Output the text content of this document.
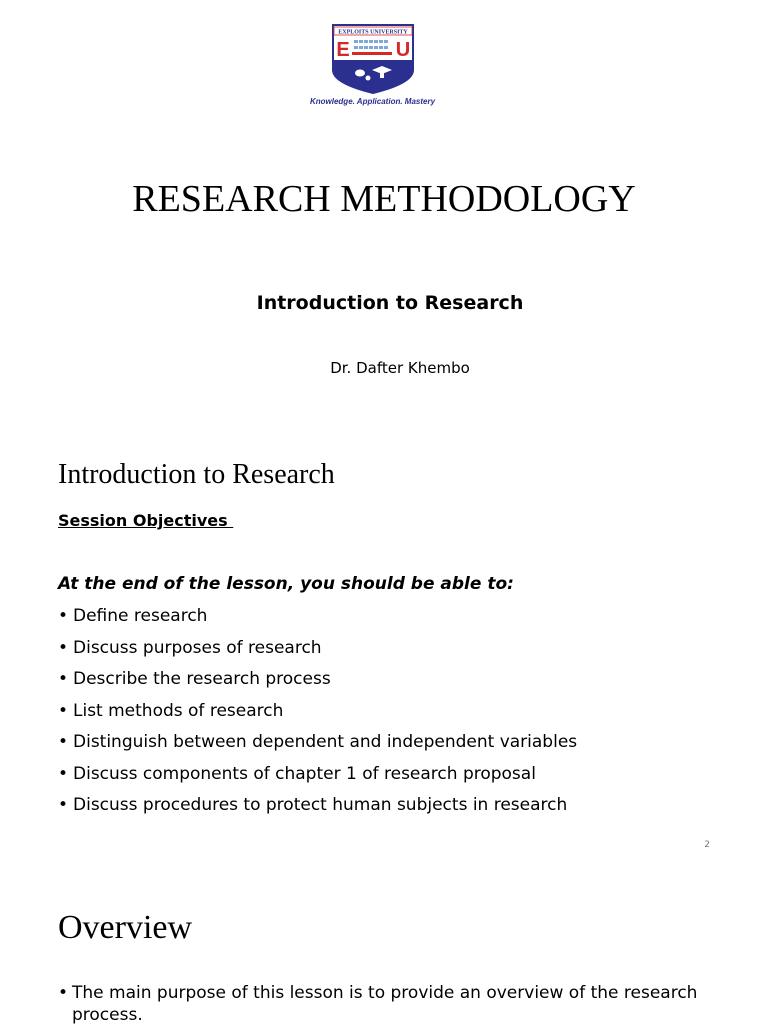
EXPLOITS UNIVERSITY
E U
Knowledge. Application. Mastery
RESEARCH METHODOLOGY
Introduction to Research
Dr. Dafter Khembo
Introduction to Research
Session Objectives
At the end of the lesson, you should be able to:
• Define research
• Discuss purposes of research
• Describe the research process
• List methods of research
• Distinguish between dependent and independent variables
• Discuss components of chapter 1 of research proposal
• Discuss procedures to protect human subjects in research
2
Overview
• The main purpose of this lesson is to provide an overview of the research process.
